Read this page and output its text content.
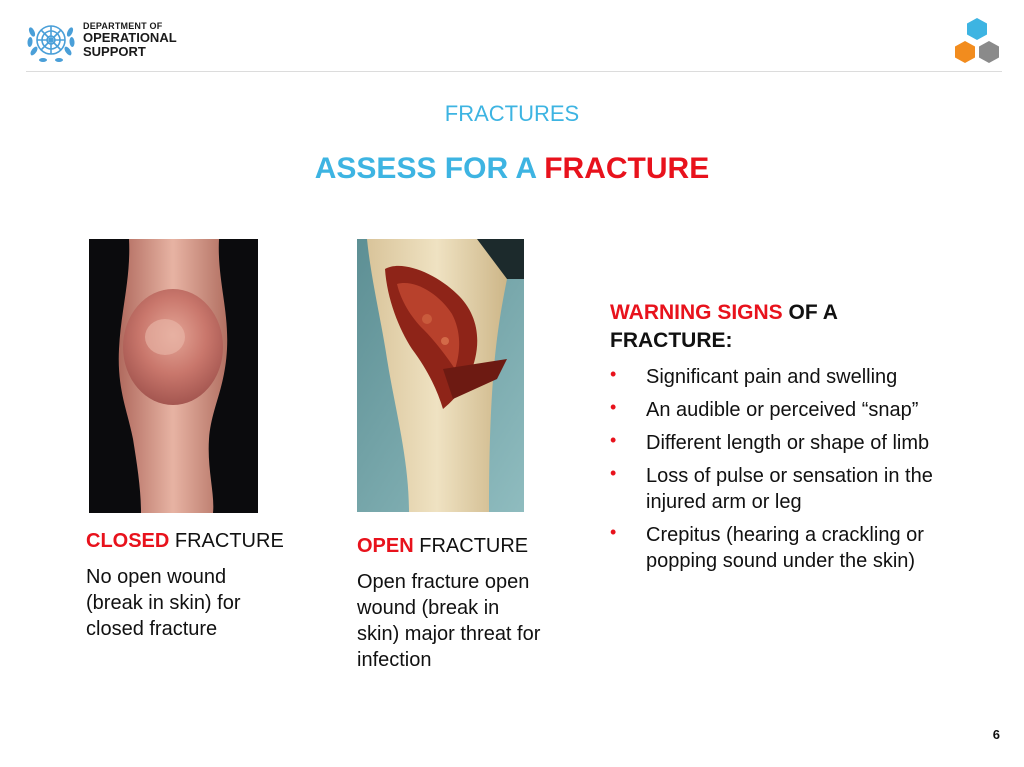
DEPARTMENT OF
OPERATIONAL
SUPPORT
FRACTURES
ASSESS FOR A FRACTURE
CLOSED FRACTURE
No open wound (break in skin) for closed fracture
OPEN FRACTURE
Open fracture open wound (break in skin) major threat for infection
WARNING SIGNS OF A FRACTURE:
• Significant pain and swelling
• An audible or perceived “snap”
• Different length or shape of limb
• Loss of pulse or sensation in the injured arm or leg
• Crepitus (hearing a crackling or popping sound under the skin)
6
